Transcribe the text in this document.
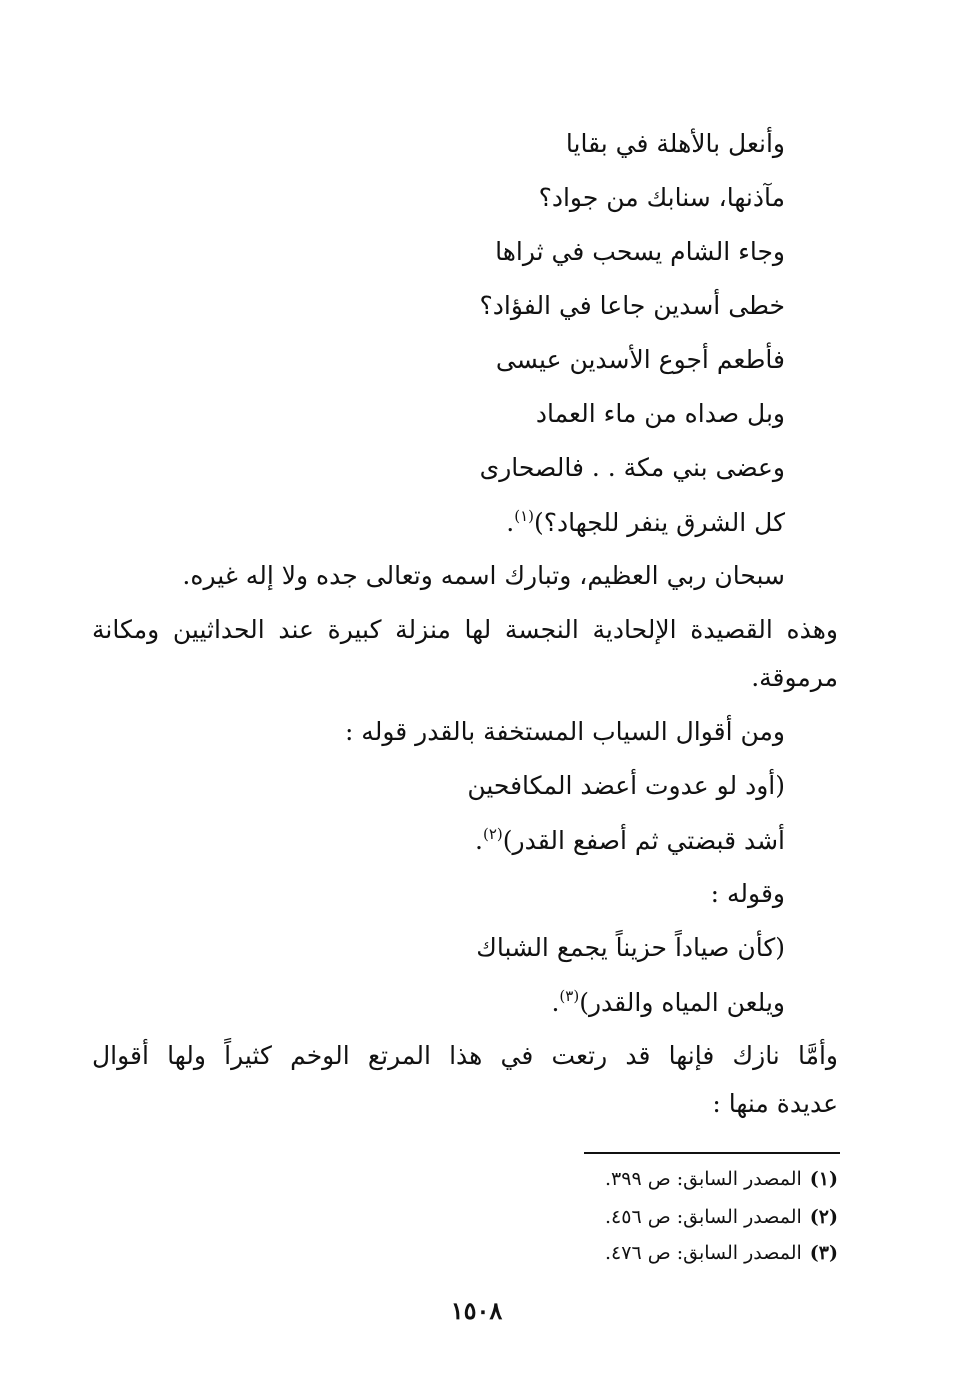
وأنعل بالأهلة في بقايا
مآذنها، سنابك من جواد؟
وجاء الشام يسحب في ثراها
خطى أسدين جاعا في الفؤاد؟
فأطعم أجوع الأسدين عيسى
وبل صداه من ماء العماد
وعضى بني مكة . . فالصحارى
كل الشرق ينفر للجهاد؟)$^{(١)}$.
سبحان ربي العظيم، وتبارك اسمه وتعالى جده ولا إله غيره.
وهذه القصيدة الإلحادية النجسة لها منزلة كبيرة عند الحداثيين ومكانة
مرموقة.
ومن أقوال السياب المستخفة بالقدر قوله :
(أود لو عدوت أعضد المكافحين
أشد قبضتي ثم أصفع القدر)$^{(٢)}$.
وقوله :
(كأن صياداً حزيناً يجمع الشباك
ويلعن المياه والقدر)$^{(٣)}$.
وأمَّا نازك فإنها قد رتعت في هذا المرتع الوخم كثيراً ولها أقوال
عديدة منها :
(١)المصدر السابق: ص ٣٩٩.
(٢)المصدر السابق: ص ٤٥٦.
(٣)المصدر السابق: ص ٤٧٦.
١٥٠٨
